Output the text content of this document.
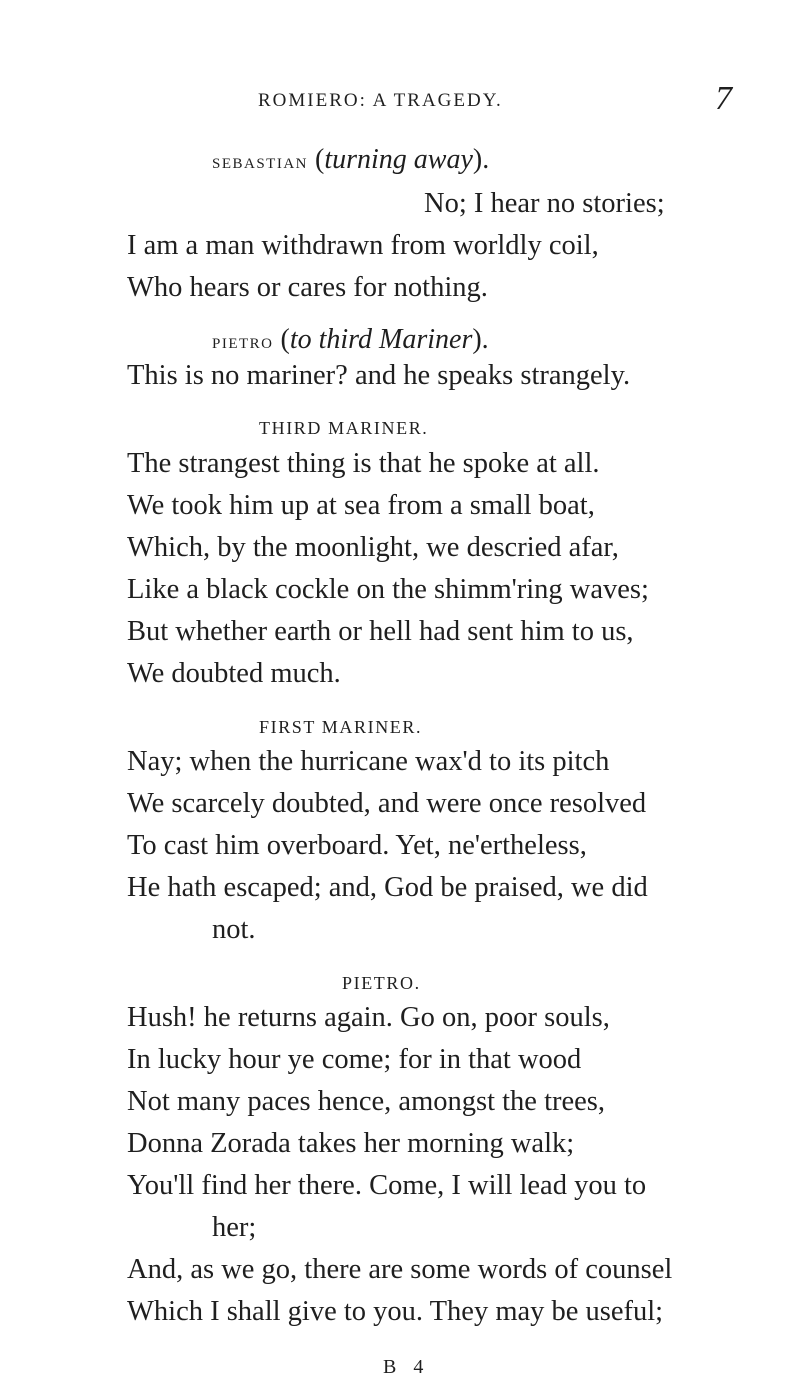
ROMIERO: A TRAGEDY.	7
sebastian (turning away).
No; I hear no stories;
I am a man withdrawn from worldly coil,
Who hears or cares for nothing.
pietro (to third Mariner).
This is no mariner? and he speaks strangely.
THIRD MARINER.
The strangest thing is that he spoke at all.
We took him up at sea from a small boat,
Which, by the moonlight, we descried afar,
Like a black cockle on the shimm'ring waves;
But whether earth or hell had sent him to us,
We doubted much.
FIRST MARINER.
Nay; when the hurricane wax'd to its pitch
We scarcely doubted, and were once resolved
To cast him overboard. Yet, ne'ertheless,
He hath escaped; and, God be praised, we did
not.
PIETRO.
Hush! he returns again. Go on, poor souls,
In lucky hour ye come; for in that wood
Not many paces hence, amongst the trees,
Donna Zorada takes her morning walk;
You'll find her there. Come, I will lead you to
her;
And, as we go, there are some words of counsel
Which I shall give to you. They may be useful;
B 4
